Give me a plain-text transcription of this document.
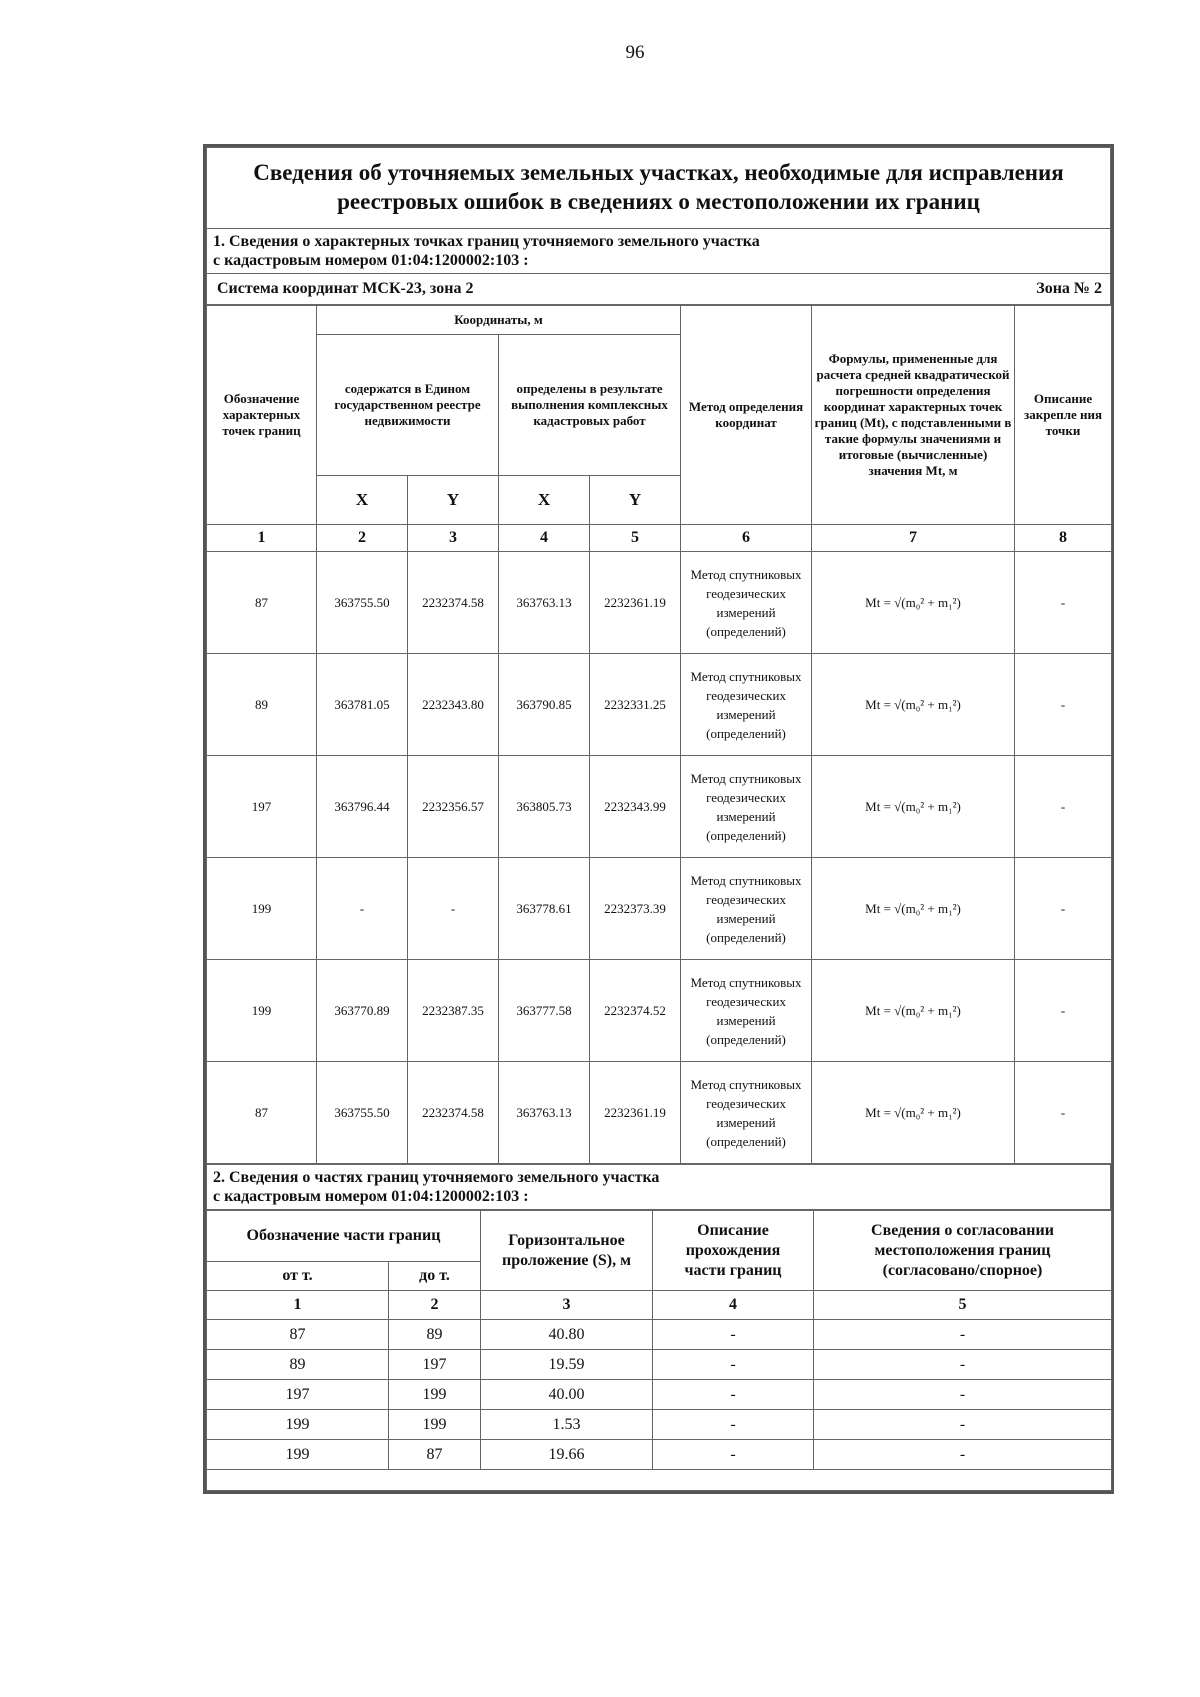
96
Сведения об уточняемых земельных участках, необходимые для исправления
реестровых ошибок в сведениях о местоположении их границ

1. Сведения о характерных точках границ уточняемого земельного участка
с кадастровым номером 01:04:1200002:103 :

Система координат МСК-23, зона 2	Зона № 2
Обозначение характерных точек границ	Координаты, м				Метод определения координат	Формулы, примененные для расчета средней квадратической погрешности определения координат характерных точек границ (Mt), с подставленными в такие формулы значениями и итоговые (вычисленные) значения Mt, м	Описание закрепле ния точки
	содержатся в Едином государственном реестре недвижимости		определены в результате выполнения комплексных кадастровых работ				
	X	Y	X	Y			
1	2	3	4	5	6	7	8
87	363755.50	2232374.58	363763.13	2232361.19	Метод спутниковых геодезических измерений (определений)	Mt = √(m₀² + m₁²)	-
89	363781.05	2232343.80	363790.85	2232331.25	Метод спутниковых геодезических измерений (определений)	Mt = √(m₀² + m₁²)	-
197	363796.44	2232356.57	363805.73	2232343.99	Метод спутниковых геодезических измерений (определений)	Mt = √(m₀² + m₁²)	-
199	-	-	363778.61	2232373.39	Метод спутниковых геодезических измерений (определений)	Mt = √(m₀² + m₁²)	-
199	363770.89	2232387.35	363777.58	2232374.52	Метод спутниковых геодезических измерений (определений)	Mt = √(m₀² + m₁²)	-
87	363755.50	2232374.58	363763.13	2232361.19	Метод спутниковых геодезических измерений (определений)	Mt = √(m₀² + m₁²)	-
2. Сведения о частях границ уточняемого земельного участка
с кадастровым номером 01:04:1200002:103 :
Обозначение части границ		Горизонтальное проложение (S), м	Описание прохождения части границ	Сведения о согласовании местоположения границ (согласовано/спорное)
от т.	до т.			
1	2	3	4	5
87	89	40.80	-	-
89	197	19.59	-	-
197	199	40.00	-	-
199	199	1.53	-	-
199	87	19.66	-	-
